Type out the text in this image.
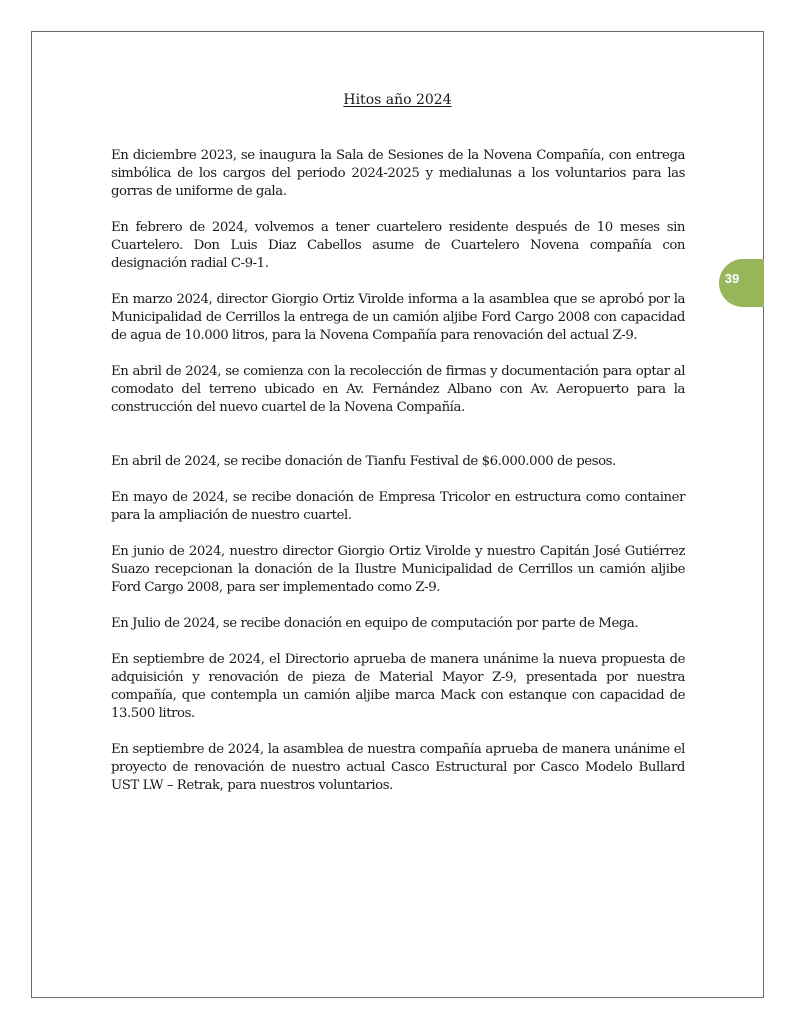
Hitos año 2024

En diciembre 2023, se inaugura la Sala de Sesiones de la Novena Compañía, con entrega simbólica de los cargos del periodo 2024-2025 y medialunas a los voluntarios para las gorras de uniforme de gala.

En febrero de 2024, volvemos a tener cuartelero residente después de 10 meses sin Cuartelero. Don Luis Diaz Cabellos asume de Cuartelero Novena compañía con designación radial C-9-1.

En marzo 2024, director Giorgio Ortiz Virolde informa a la asamblea que se aprobó por la Municipalidad de Cerrillos la entrega de un camión aljibe Ford Cargo 2008 con capacidad de agua de 10.000 litros, para la Novena Compañía para renovación del actual Z-9.

En abril de 2024, se comienza con la recolección de firmas y documentación para optar al comodato del terreno ubicado en Av. Fernández Albano con Av. Aeropuerto para la construcción del nuevo cuartel de la Novena Compañía.

En abril de 2024, se recibe donación de Tianfu Festival de $6.000.000 de pesos.

En mayo de 2024, se recibe donación de Empresa Tricolor en estructura como container para la ampliación de nuestro cuartel.

En junio de 2024, nuestro director Giorgio Ortiz Virolde y nuestro Capitán José Gutiérrez Suazo recepcionan la donación de la Ilustre Municipalidad de Cerrillos un camión aljibe Ford Cargo 2008, para ser implementado como Z-9.

En Julio de 2024, se recibe donación en equipo de computación por parte de Mega.

En septiembre de 2024, el Directorio aprueba de manera unánime la nueva propuesta de adquisición y renovación de pieza de Material Mayor Z-9, presentada por nuestra compañía, que contempla un camión aljibe marca Mack con estanque con capacidad de 13.500 litros.

En septiembre de 2024, la asamblea de nuestra compañía aprueba de manera unánime el proyecto de renovación de nuestro actual Casco Estructural por Casco Modelo Bullard UST LW – Retrak, para nuestros voluntarios.

39
